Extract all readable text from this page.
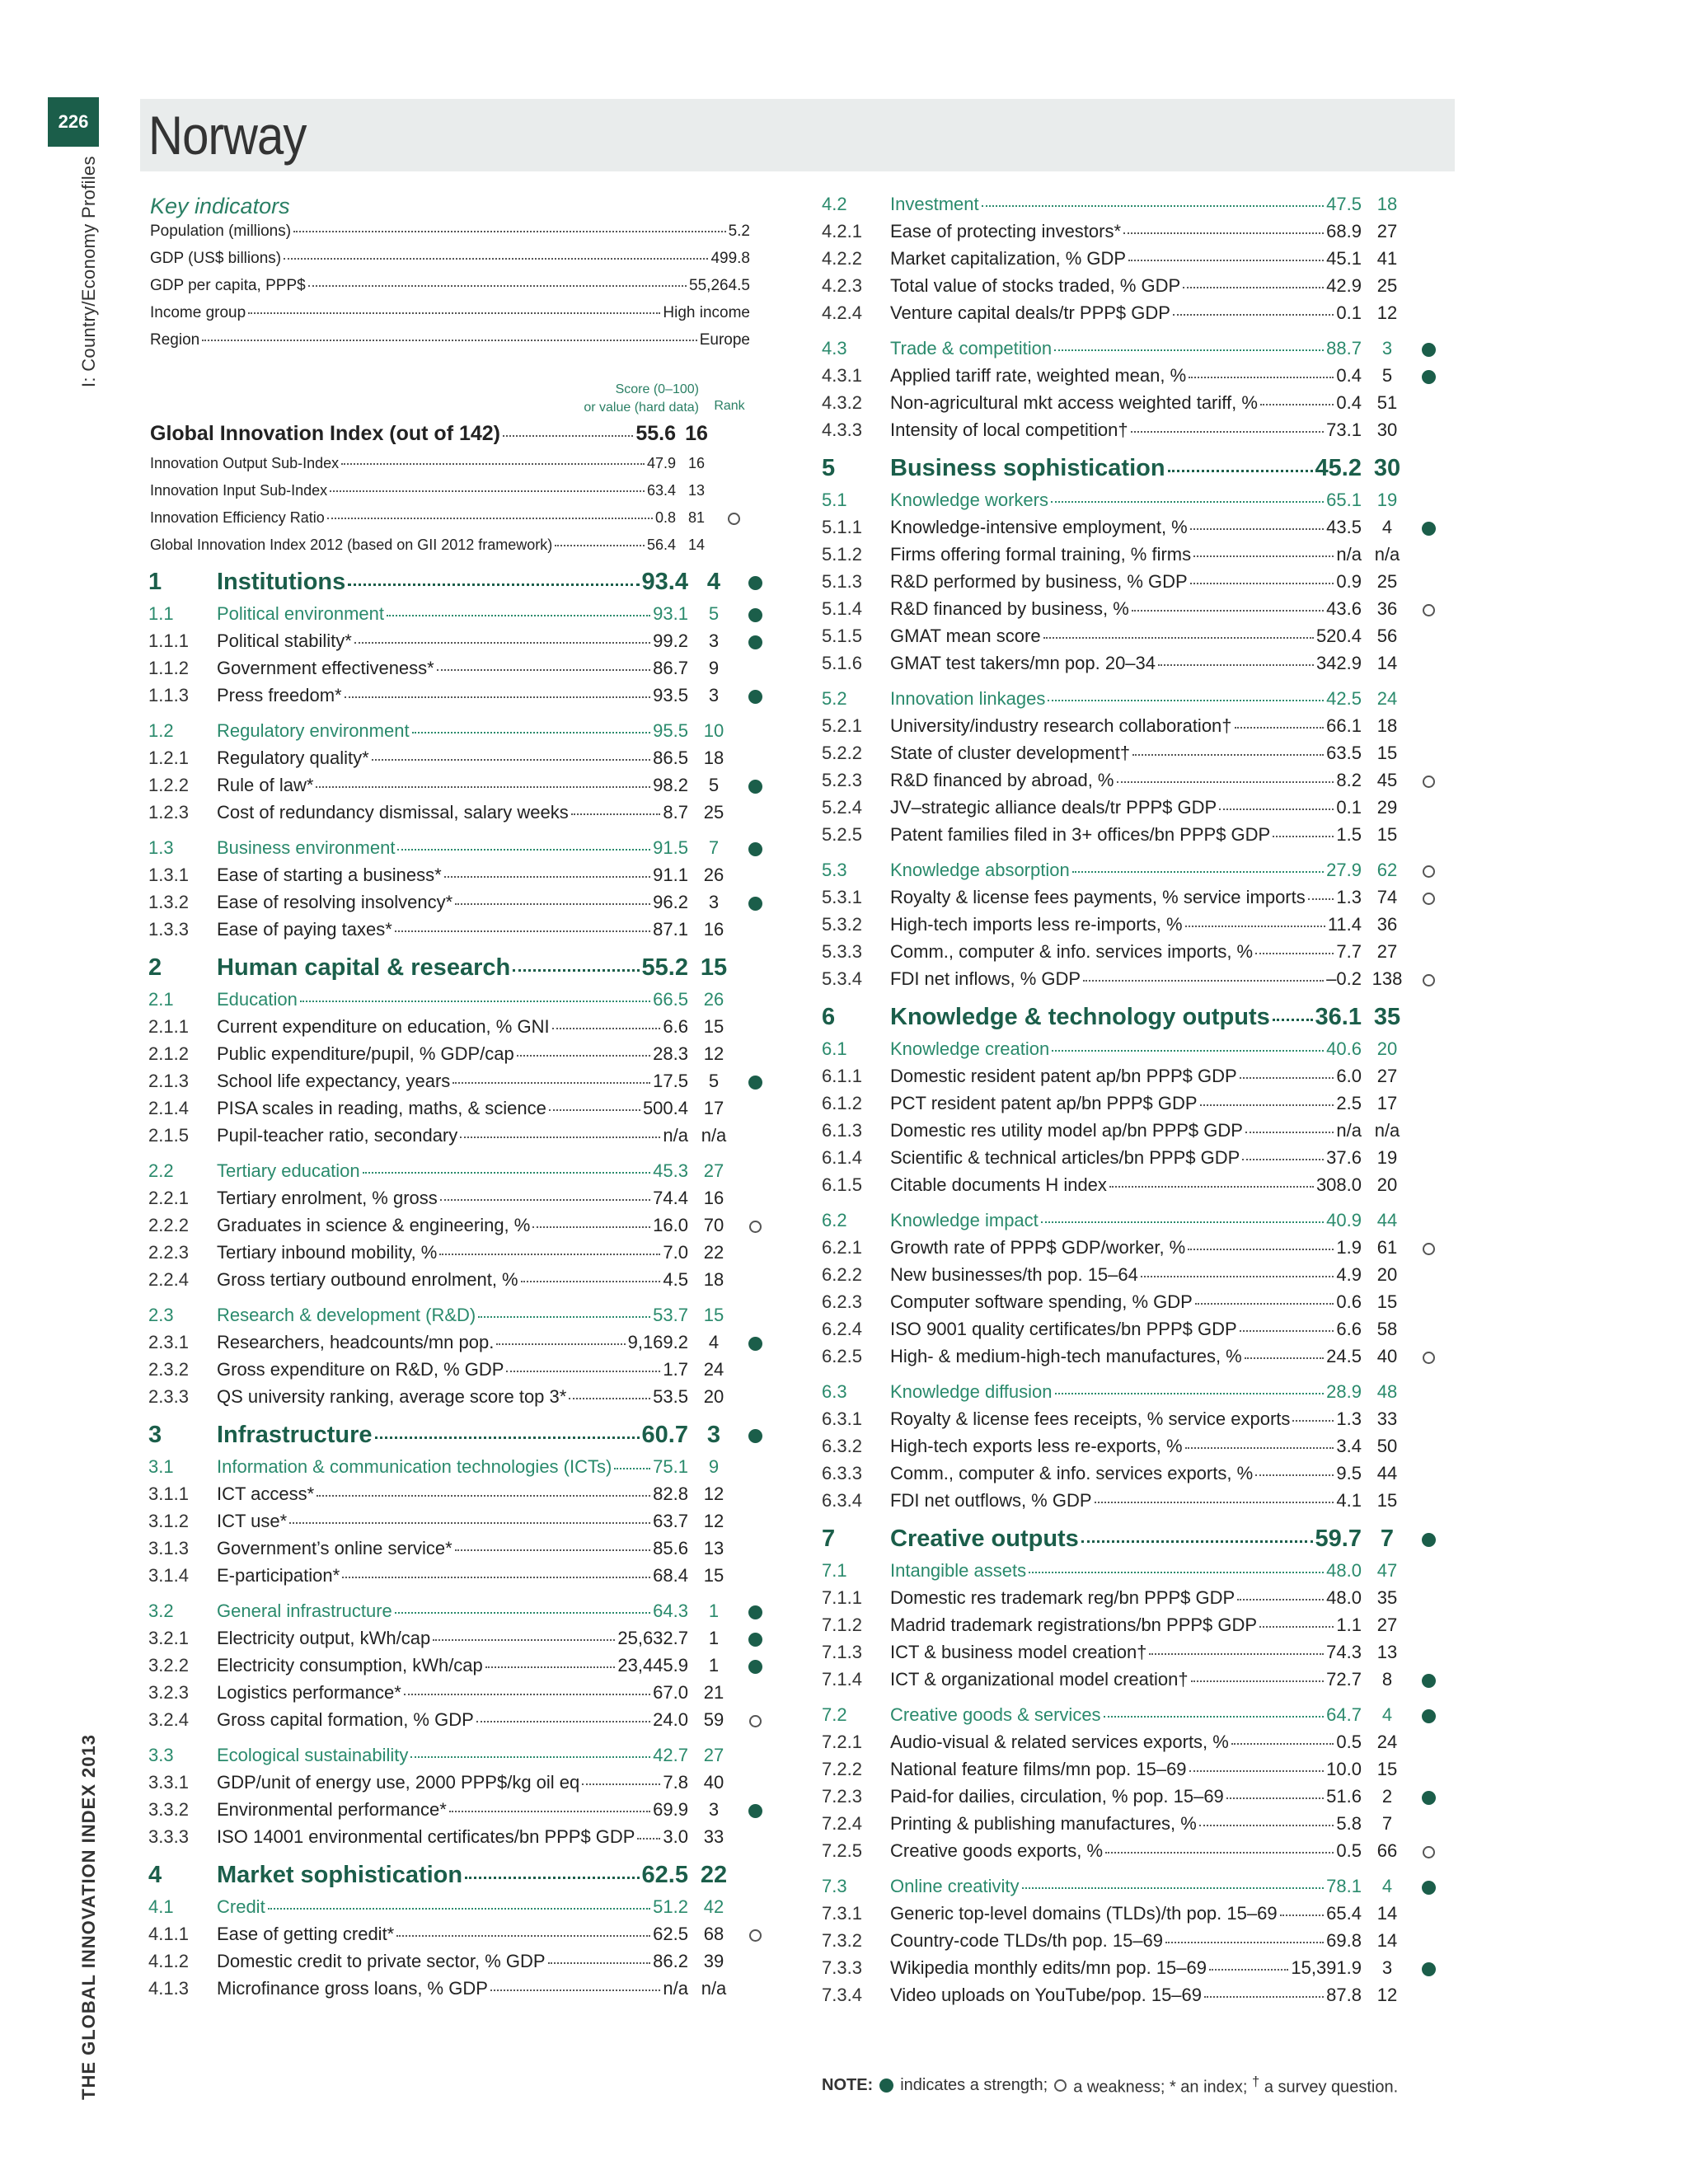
226
I: Country/Economy Profiles
THE GLOBAL INNOVATION INDEX 2013
Norway
Key indicators
Population (millions)	5.2
GDP (US$ billions)	499.8
GDP per capita, PPP$	55,264.5
Income group	High income
Region	Europe
Score (0–100)
or value (hard data)	Rank
Global Innovation Index (out of 142)	55.6 16
Innovation Output Sub-Index	47.9 16
Innovation Input Sub-Index	63.4 13
Innovation Efficiency Ratio	0.8 81
Global Innovation Index 2012 (based on GII 2012 framework)	56.4 14
1	Institutions	93.4 4
1.1	Political environment	93.1	5
1.1.1	Political stability*	99.2	3
1.1.2	Government effectiveness*	86.7	9
1.1.3	Press freedom*	93.5	3
1.2	Regulatory environment	95.5 10
1.2.1	Regulatory quality*	86.5 18
1.2.2	Rule of law*	98.2	5
1.2.3	Cost of redundancy dismissal, salary weeks	8.7 25
1.3	Business environment	91.5	7
1.3.1	Ease of starting a business*	91.1 26
1.3.2	Ease of resolving insolvency*	96.2	3
1.3.3	Ease of paying taxes*	87.1 16
2	Human capital & research	55.2 15
2.1	Education	66.5 26
2.1.1	Current expenditure on education, % GNI	6.6 15
2.1.2	Public expenditure/pupil, % GDP/cap	28.3 12
2.1.3	School life expectancy, years	17.5	5
2.1.4	PISA scales in reading, maths, & science	500.4 17
2.1.5	Pupil-teacher ratio, secondary	n/a n/a
2.2	Tertiary education	45.3 27
2.2.1	Tertiary enrolment, % gross	74.4 16
2.2.2	Graduates in science & engineering, %	16.0 70
2.2.3	Tertiary inbound mobility, %	7.0 22
2.2.4	Gross tertiary outbound enrolment, %	4.5 18
2.3	Research & development (R&D)	53.7 15
2.3.1	Researchers, headcounts/mn pop.	9,169.2	4
2.3.2	Gross expenditure on R&D, % GDP	1.7 24
2.3.3	QS university ranking, average score top 3*	53.5 20
3	Infrastructure	60.7 3
3.1	Information & communication technologies (ICTs) 75.1	9
3.1.1	ICT access*	82.8 12
3.1.2	ICT use*	63.7 12
3.1.3	Government’s online service*	85.6 13
3.1.4	E-participation*	68.4 15
3.2	General infrastructure	64.3	1
3.2.1	Electricity output, kWh/cap	25,632.7	1
3.2.2	Electricity consumption, kWh/cap	23,445.9	1
3.2.3	Logistics performance*	67.0 21
3.2.4	Gross capital formation, % GDP	24.0 59
3.3	Ecological sustainability	42.7 27
3.3.1	GDP/unit of energy use, 2000 PPP$/kg oil eq	7.8 40
3.3.2	Environmental performance*	69.9	3
3.3.3	ISO 14001 environmental certificates/bn PPP$ GDP 3.0 33
4	Market sophistication	62.5 22
4.1	Credit	51.2 42
4.1.1	Ease of getting credit*	62.5 68
4.1.2	Domestic credit to private sector, % GDP	86.2 39
4.1.3	Microfinance gross loans, % GDP	n/a n/a
4.2	Investment	47.5 18
4.2.1	Ease of protecting investors*	68.9 27
4.2.2	Market capitalization, % GDP	45.1 41
4.2.3	Total value of stocks traded, % GDP	42.9 25
4.2.4	Venture capital deals/tr PPP$ GDP	0.1 12
4.3	Trade & competition	88.7	3
4.3.1	Applied tariff rate, weighted mean, %	0.4	5
4.3.2	Non-agricultural mkt access weighted tariff, %	0.4 51
4.3.3	Intensity of local competition†	73.1 30
5	Business sophistication	45.2 30
5.1	Knowledge workers	65.1 19
5.1.1	Knowledge-intensive employment, %	43.5	4
5.1.2	Firms offering formal training, % firms	n/a n/a
5.1.3	R&D performed by business, % GDP	0.9 25
5.1.4	R&D financed by business, %	43.6 36
5.1.5	GMAT mean score	520.4 56
5.1.6	GMAT test takers/mn pop. 20–34	342.9 14
5.2	Innovation linkages	42.5 24
5.2.1	University/industry research collaboration†	66.1 18
5.2.2	State of cluster development†	63.5 15
5.2.3	R&D financed by abroad, %	8.2 45
5.2.4	JV–strategic alliance deals/tr PPP$ GDP	0.1 29
5.2.5	Patent families filed in 3+ offices/bn PPP$ GDP	1.5 15
5.3	Knowledge absorption	27.9 62
5.3.1	Royalty & license fees payments, % service imports 1.3 74
5.3.2	High-tech imports less re-imports, %	11.4 36
5.3.3	Comm., computer & info. services imports, %	7.7 27
5.3.4	FDI net inflows, % GDP	–0.2 138
6	Knowledge & technology outputs 36.1 35
6.1	Knowledge creation	40.6 20
6.1.1	Domestic resident patent ap/bn PPP$ GDP	6.0 27
6.1.2	PCT resident patent ap/bn PPP$ GDP	2.5 17
6.1.3	Domestic res utility model ap/bn PPP$ GDP	n/a n/a
6.1.4	Scientific & technical articles/bn PPP$ GDP	37.6 19
6.1.5	Citable documents H index	308.0 20
6.2	Knowledge impact	40.9 44
6.2.1	Growth rate of PPP$ GDP/worker, %	1.9 61
6.2.2	New businesses/th pop. 15–64	4.9 20
6.2.3	Computer software spending, % GDP	0.6 15
6.2.4	ISO 9001 quality certificates/bn PPP$ GDP	6.6 58
6.2.5	High- & medium-high-tech manufactures, %	24.5 40
6.3	Knowledge diffusion	28.9 48
6.3.1	Royalty & license fees receipts, % service exports	1.3 33
6.3.2	High-tech exports less re-exports, %	3.4 50
6.3.3	Comm., computer & info. services exports, %	9.5 44
6.3.4	FDI net outflows, % GDP	4.1 15
7	Creative outputs	59.7 7
7.1	Intangible assets	48.0 47
7.1.1	Domestic res trademark reg/bn PPP$ GDP	48.0 35
7.1.2	Madrid trademark registrations/bn PPP$ GDP	1.1 27
7.1.3	ICT & business model creation†	74.3 13
7.1.4	ICT & organizational model creation†	72.7	8
7.2	Creative goods & services	64.7	4
7.2.1	Audio-visual & related services exports, %	0.5 24
7.2.2	National feature films/mn pop. 15–69	10.0 15
7.2.3	Paid-for dailies, circulation, % pop. 15–69	51.6	2
7.2.4	Printing & publishing manufactures, %	5.8	7
7.2.5	Creative goods exports, %	0.5 66
7.3	Online creativity	78.1	4
7.3.1	Generic top-level domains (TLDs)/th pop. 15–69	65.4 14
7.3.2	Country-code TLDs/th pop. 15–69	69.8 14
7.3.3	Wikipedia monthly edits/mn pop. 15–69	15,391.9	3
7.3.4	Video uploads on YouTube/pop. 15–69	87.8 12
NOTE: indicates a strength; a weakness; * an index; † a survey question.
